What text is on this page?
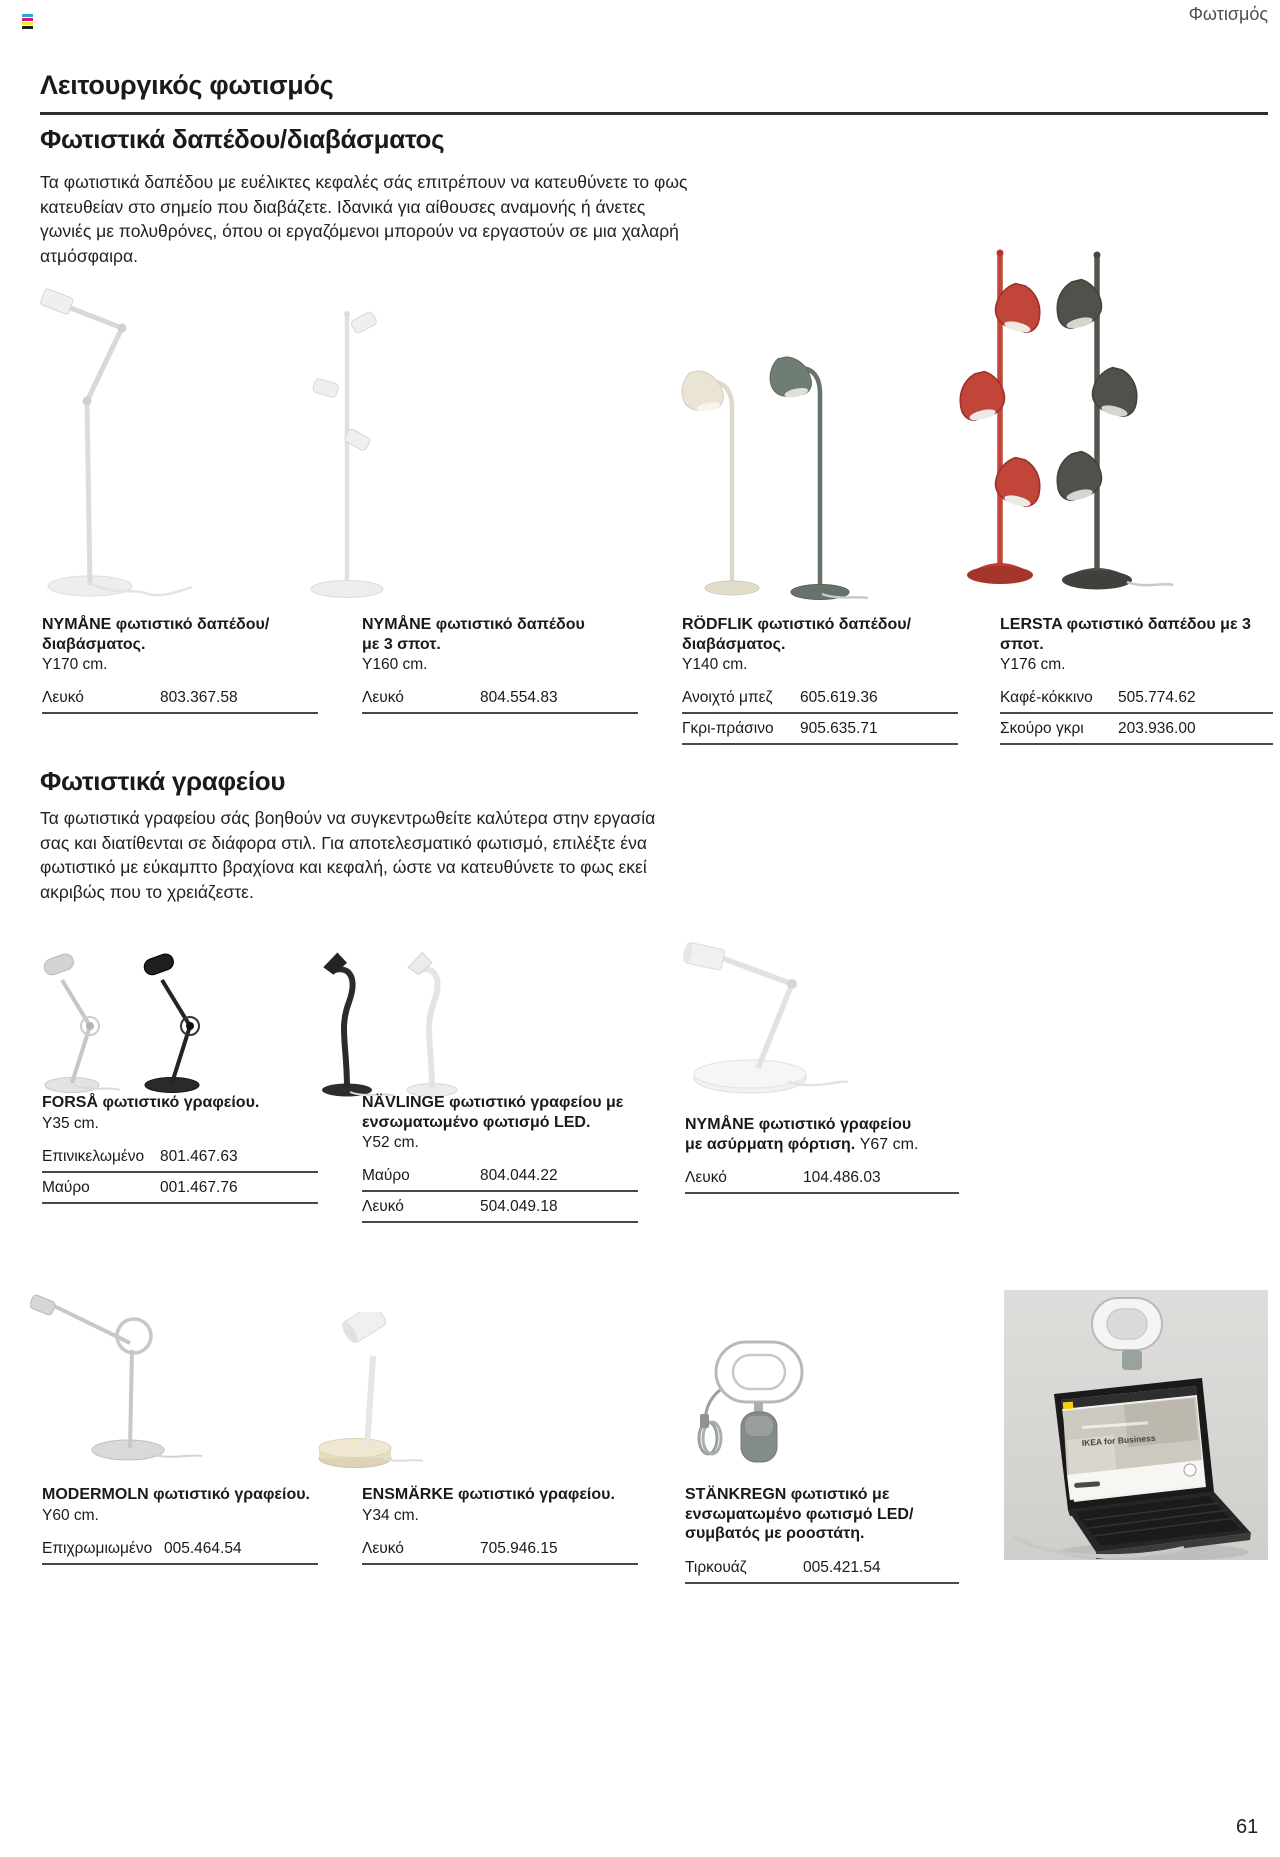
Φωτισμός
Λειτουργικός φωτισμός
Φωτιστικά δαπέδου/διαβάσματος
Τα φωτιστικά δαπέδου με ευέλικτες κεφαλές σάς επιτρέπουν να κατευθύνετε το φως κατευθείαν στο σημείο που διαβάζετε. Ιδανικά για αίθουσες αναμονής ή άνετες γωνιές με πολυθρόνες, όπου οι εργαζόμενοι μπορούν να εργαστούν σε μια χαλαρή ατμόσφαιρα.
NYMÅNE φωτιστικό δαπέδου/διαβάσματος.
Y170 cm.
Λευκό	803.367.58
NYMÅNE φωτιστικό δαπέδου με 3 σποτ.
Y160 cm.
Λευκό	804.554.83
RÖDFLIK φωτιστικό δαπέδου/διαβάσματος.
Y140 cm.
Ανοιχτό μπεζ 605.619.36
Γκρι-πράσινο 905.635.71
LERSTA φωτιστικό δαπέδου με 3 σποτ.
Y176 cm.
Καφέ-κόκκινο 505.774.62
Σκούρο γκρι 203.936.00
Φωτιστικά γραφείου
Τα φωτιστικά γραφείου σάς βοηθούν να συγκεντρωθείτε καλύτερα στην εργασία σας και διατίθενται σε διάφορα στιλ. Για αποτελεσματικό φωτισμό, επιλέξτε ένα φωτιστικό με εύκαμπτο βραχίονα και κεφαλή, ώστε να κατευθύνετε το φως εκεί ακριβώς που το χρειάζεστε.
FORSÅ φωτιστικό γραφείου.
Y35 cm.
Επινικελωμένο 801.467.63
Μαύρο	001.467.76
NÄVLINGE φωτιστικό γραφείου με ενσωματωμένο φωτισμό LED.
Y52 cm.
Μαύρο	804.044.22
Λευκό	504.049.18
NYMÅNE φωτιστικό γραφείου με ασύρματη φόρτιση. Y67 cm.
Λευκό	104.486.03
IKEA for Business
MODERMOLN φωτιστικό γραφείου.
Y60 cm.
Επιχρωμιωμένο 005.464.54
ENSMÄRKE φωτιστικό γραφείου.
Y34 cm.
Λευκό	705.946.15
STÄNKREGN φωτιστικό με ενσωματωμένο φωτισμό LED/συμβατός με ροοστάτη.
Τιρκουάζ	005.421.54
61
